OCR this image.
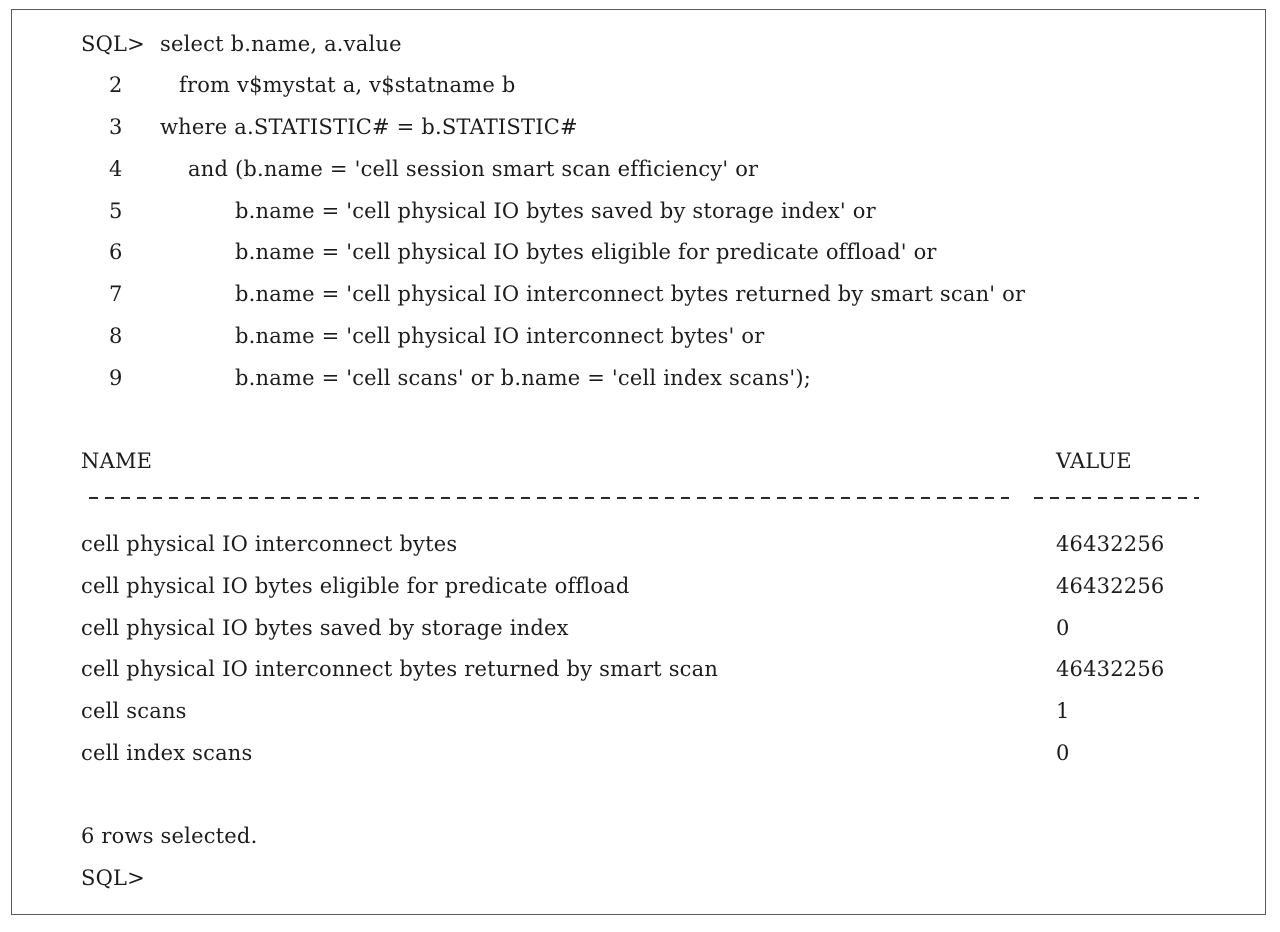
SQL> select b.name, a.value
2	from v$mystat a, v$statname b
3 where a.STATISTIC# = b.STATISTIC#
4	and (b.name = 'cell session smart scan efficiency' or
5	b.name = 'cell physical IO bytes saved by storage index' or
6	b.name = 'cell physical IO bytes eligible for predicate offload' or
7	b.name = 'cell physical IO interconnect bytes returned by smart scan' or
8	b.name = 'cell physical IO interconnect bytes' or
9	b.name = 'cell scans' or b.name = 'cell index scans');
NAME	VALUE
cell physical IO interconnect bytes	46432256
cell physical IO bytes eligible for predicate offload	46432256
cell physical IO bytes saved by storage index	0
cell physical IO interconnect bytes returned by smart scan	46432256
cell scans	1
cell index scans	0
6 rows selected.
SQL>
